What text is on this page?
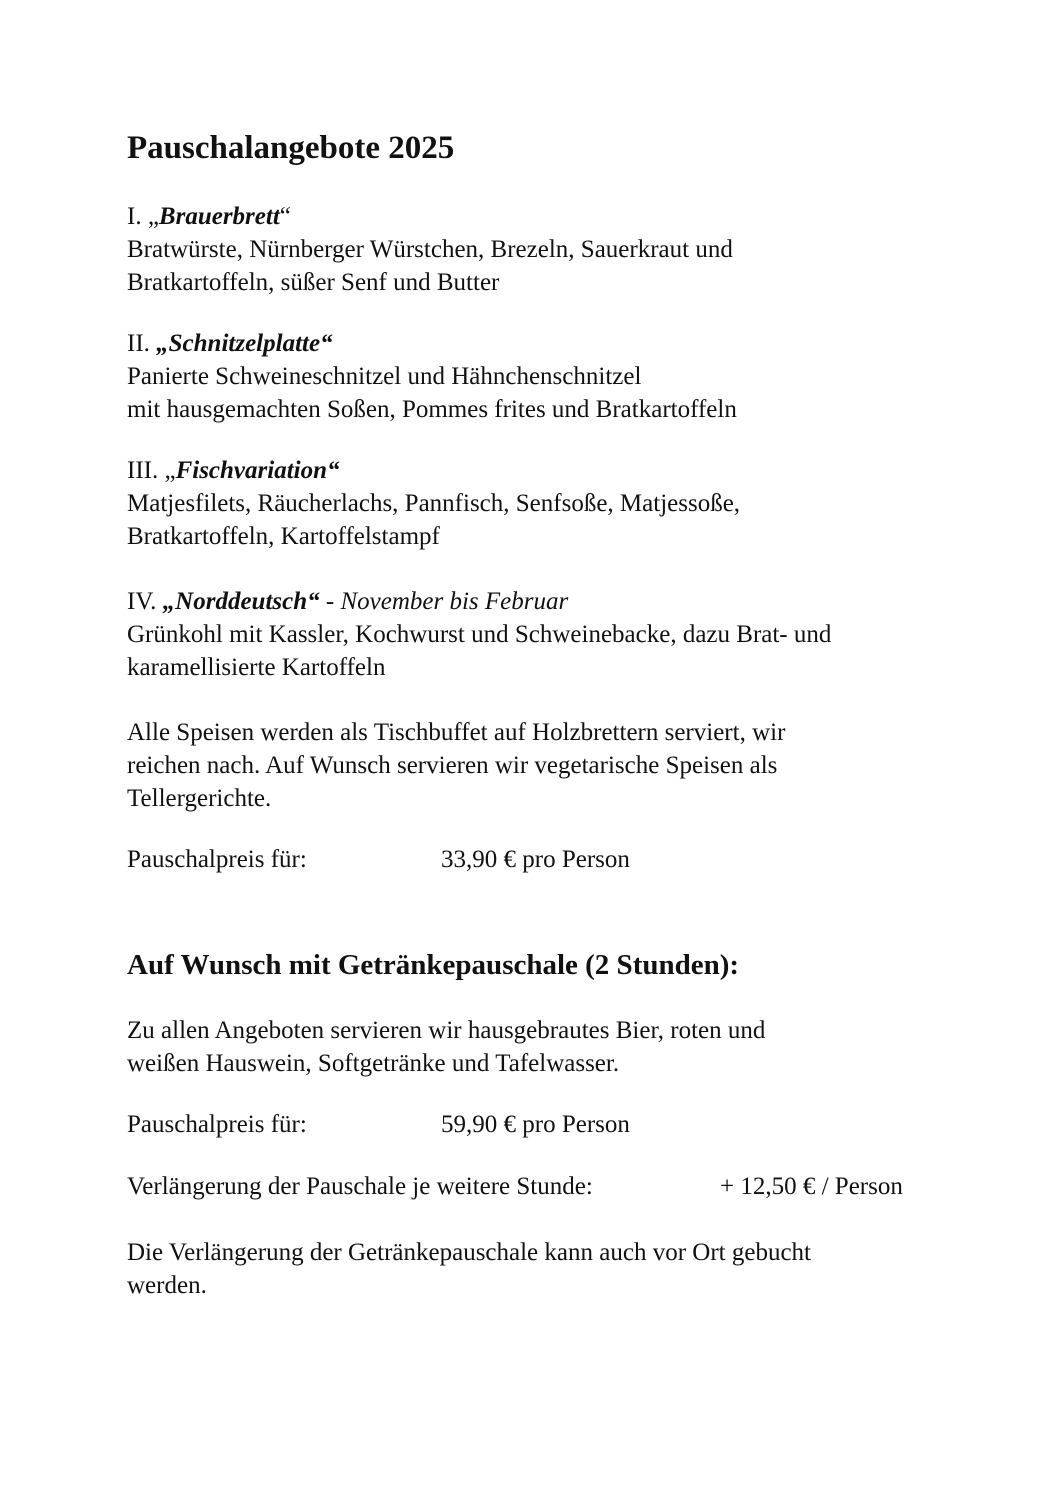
Pauschalangebote 2025
I. „Brauerbrett“
Bratwürste, Nürnberger Würstchen, Brezeln, Sauerkraut und
Bratkartoffeln, süßer Senf und Butter
II. „Schnitzelplatte“
Panierte Schweineschnitzel und Hähnchenschnitzel
mit hausgemachten Soßen, Pommes frites und Bratkartoffeln
III. „Fischvariation“
Matjesfilets, Räucherlachs, Pannfisch, Senfsoße, Matjessoße,
Bratkartoffeln, Kartoffelstampf
IV. „Norddeutsch“ - November bis Februar
Grünkohl mit Kassler, Kochwurst und Schweinebacke, dazu Brat- und
karamellisierte Kartoffeln
Alle Speisen werden als Tischbuffet auf Holzbrettern serviert, wir
reichen nach. Auf Wunsch servieren wir vegetarische Speisen als
Tellergerichte.
Pauschalpreis für:	33,90 € pro Person
Auf Wunsch mit Getränkepauschale (2 Stunden):
Zu allen Angeboten servieren wir hausgebrautes Bier, roten und
weißen Hauswein, Softgetränke und Tafelwasser.
Pauschalpreis für:	59,90 € pro Person
Verlängerung der Pauschale je weitere Stunde:	+ 12,50 € / Person
Die Verlängerung der Getränkepauschale kann auch vor Ort gebucht
werden.
